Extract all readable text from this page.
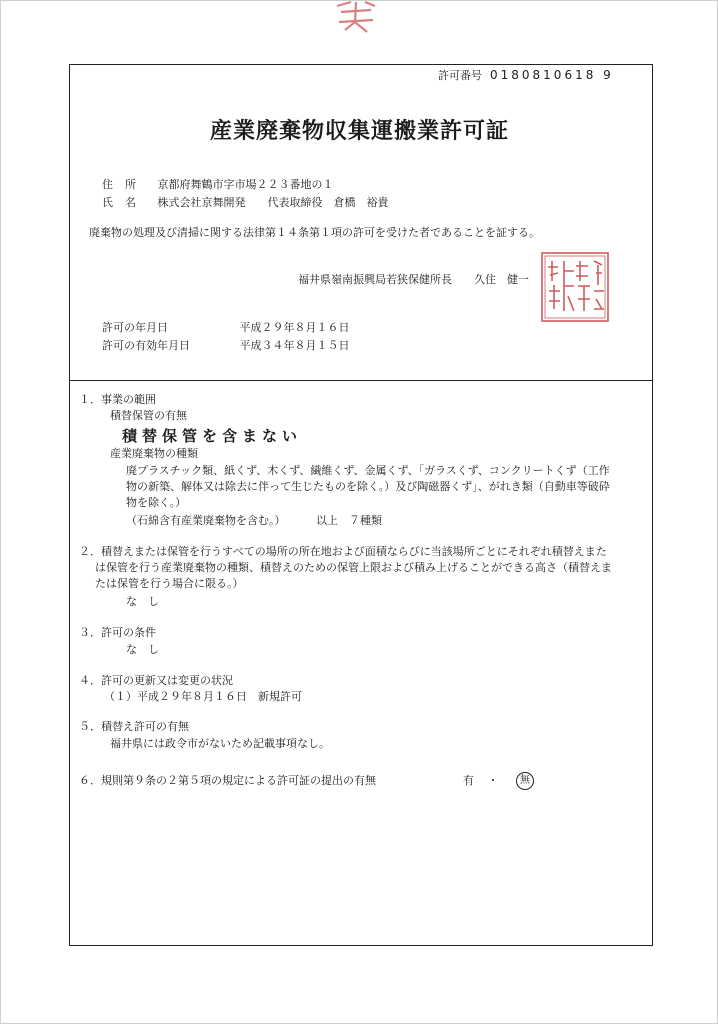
許可番号 0180810618 9
産業廃棄物収集運搬業許可証
住所 京都府舞鶴市字市場２２３番地の１
氏名 株式会社京舞開発　　代表取締役　倉橋　裕貴
廃棄物の処理及び清掃に関する法律第１４条第１項の許可を受けた者であることを証する。
福井県嶺南振興局若狭保健所長　　久住　健一
許可の年月日	平成２９年８月１６日
許可の有効年月日	平成３４年８月１５日
１．事業の範囲
積替保管の有無
積替保管を含まない
産業廃棄物の種類
廃プラスチック類、紙くず、木くず、繊維くず、金属くず、「ガラスくず、コンクリートくず（工作
物の新築、解体又は除去に伴って生じたものを除く。）及び陶磁器くず」、がれき類（自動車等破砕
物を除く。）
（石綿含有産業廃棄物を含む。）	以上　７種類
２．積替えまたは保管を行うすべての場所の所在地および面積ならびに当該場所ごとにそれぞれ積替えまた
は保管を行う産業廃棄物の種類、積替えのための保管上限および積み上げることができる高さ（積替えま
たは保管を行う場合に限る。）
な　し
３．許可の条件
な　し
４．許可の更新又は変更の状況
（１）平成２９年８月１６日　新規許可
５．積替え許可の有無
福井県には政令市がないため記載事項なし。
６．規則第９条の２第５項の規定による許可証の提出の有無	有 ・ 無
